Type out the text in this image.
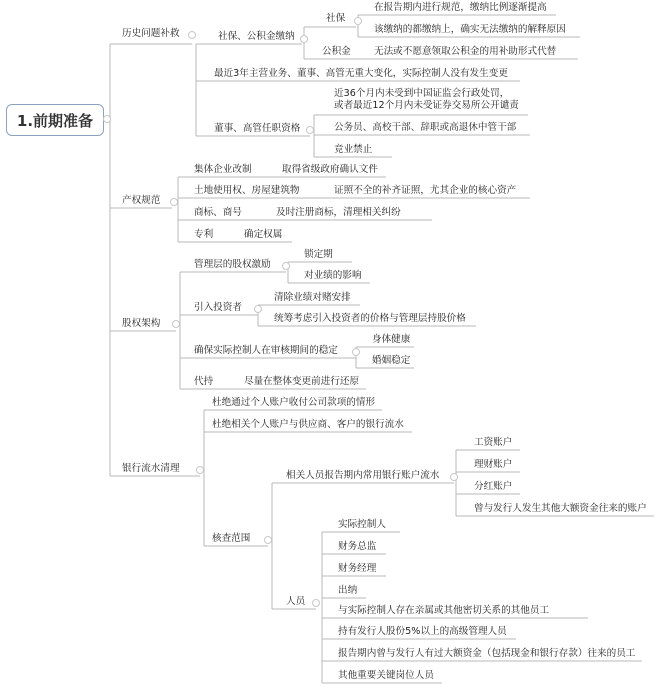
1.前期准备
历史问题补救	社保、公积金缴纳
社保
在报告期内进行规范，缴纳比例逐渐提高
该缴纳的都缴纳上，确实无法缴纳的解释原因
公积金 无法或不愿意领取公积金的用补助形式代替
最近3年主营业务、董事、高管无重大变化，实际控制人没有发生变更
董事、高管任职资格
近36个月内未受到中国证监会行政处罚，
或者最近12个月内未受证券交易所公开谴责
公务员、高校干部、辞职或高退休中管干部
竞业禁止
产权规范
集体企业改制	取得省级政府确认文件
土地使用权、房屋建筑物	证照不全的补齐证照，尤其企业的核心资产
商标、商号	及时注册商标，清理相关纠纷
专利	确定权属
股权架构
管理层的股权激励
锁定期
对业绩的影响
引入投资者
清除业绩对赌安排
统筹考虑引入投资者的价格与管理层持股价格
确保实际控制人在审核期间的稳定
身体健康
婚姻稳定
代持	尽量在整体变更前进行还原
银行流水清理
杜绝通过个人账户收付公司款项的情形
杜绝相关个人账户与供应商、客户的银行流水
核查范围
相关人员报告期内常用银行账户流水
工资账户
理财账户
分红账户
曾与发行人发生其他大额资金往来的账户
人员
实际控制人
财务总监
财务经理
出纳
与实际控制人存在亲属或其他密切关系的其他员工
持有发行人股份5%以上的高级管理人员
报告期内曾与发行人有过大额资金（包括现金和银行存款）往来的员工
其他重要关键岗位人员
